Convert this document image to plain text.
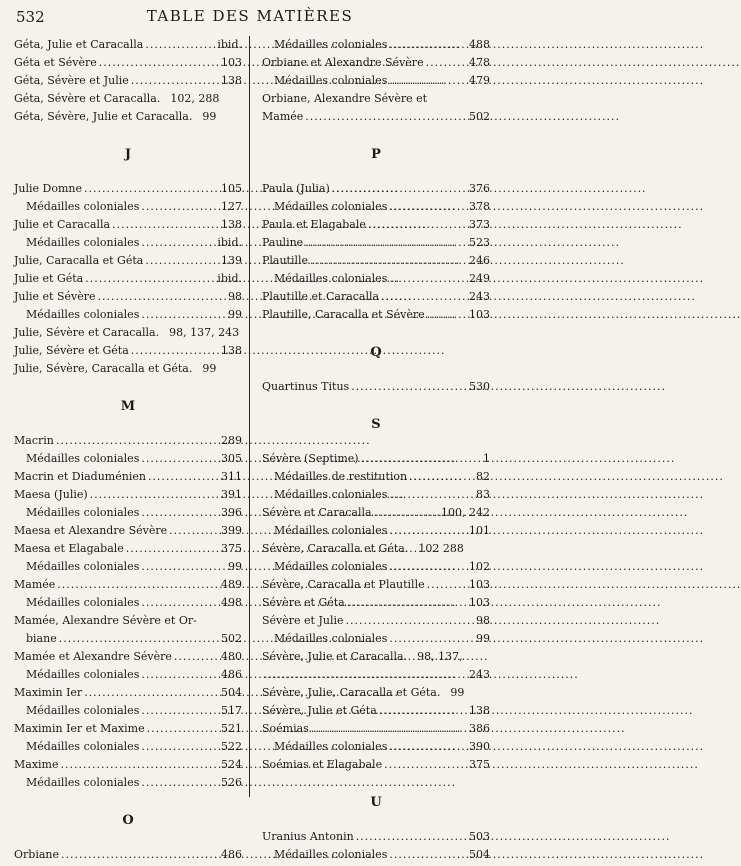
532	TABLE DES MATIÈRES
Géta, Julie et Caracalla .....	ibid.
Géta et Sévère .....	103
Géta, Sévère et Julie .....	138
Géta, Sévère et Caracalla. 102, 288
Géta, Sévère, Julie et Caracalla. 99
J
Julie Domne .....	105
Médailles coloniales .....	127
Julie et Caracalla .....	138
Médailles coloniales .....	ibid.
Julie, Caracalla et Géta .....	139
Julie et Géta .....	ibid.
Julie et Sévère .....	98
Médailles coloniales .....	99
Julie, Sévère et Caracalla. 98, 137, 243
Julie, Sévère et Géta .....	138
Julie, Sévère, Caracalla et Géta. 99
M
Macrin .....	289
Médailles coloniales .....	305
Macrin et Diaduménien .....	311
Maesa (Julie) .....	391
Médailles coloniales .....	396
Maesa et Alexandre Sévère .....	399
Maesa et Elagabale .....	375
Médailles coloniales .....	99
Mamée .....	489
Médailles coloniales .....	498
Mamée, Alexandre Sévère et Or-
biane .....	502
Mamée et Alexandre Sévère .....	480
Médailles coloniales .....	486
Maximin Ier .....	504
Médailles coloniales .....	517
Maximin Ier et Maxime .....	521
Médailles coloniales .....	522
Maxime .....	524
Médailles coloniales .....	526
O
Orbiane .....	486
Médailles coloniales .....	488
Orbiane et Alexandre Sévère .....	478
Médailles coloniales .....	479
Orbiane, Alexandre Sévère et
Mamée .....	502
P
Paula (Julia) .....	376
Médailles coloniales .....	378
Paula et Elagabale .....	373
Pauline .....	523
Plautille .....	246
Médailles coloniales .....	249
Plautille et Caracalla .....	243
Plautille, Caracalla et Sévère .....	103
Q
Quartinus Titus .....	530
S
Sévère (Septime) .....	1
Médailles de restitution .....	82
Médailles coloniales .....	83
Sévère et Caracalla .....	100, 242
Médailles coloniales .....	101
Sévère, Caracalla et Géta. 102 288
Médailles coloniales .....	102
Sévère, Caracalla et Plautille .....	103
Sévère et Géta .....	103
Sévère et Julie .....	98
Médailles coloniales .....	99
Sévère, Julie et Caracalla. 98, 137,
.....
243
Sévère, Julie, Caracalla et Géta. 99
Sévère, Julie et Géta .....	138
Soémias .....	386
Médailles coloniales .....	390
Soémias et Elagabale .....	375
U
Uranius Antonin .....	503
Médailles coloniales .....	504
